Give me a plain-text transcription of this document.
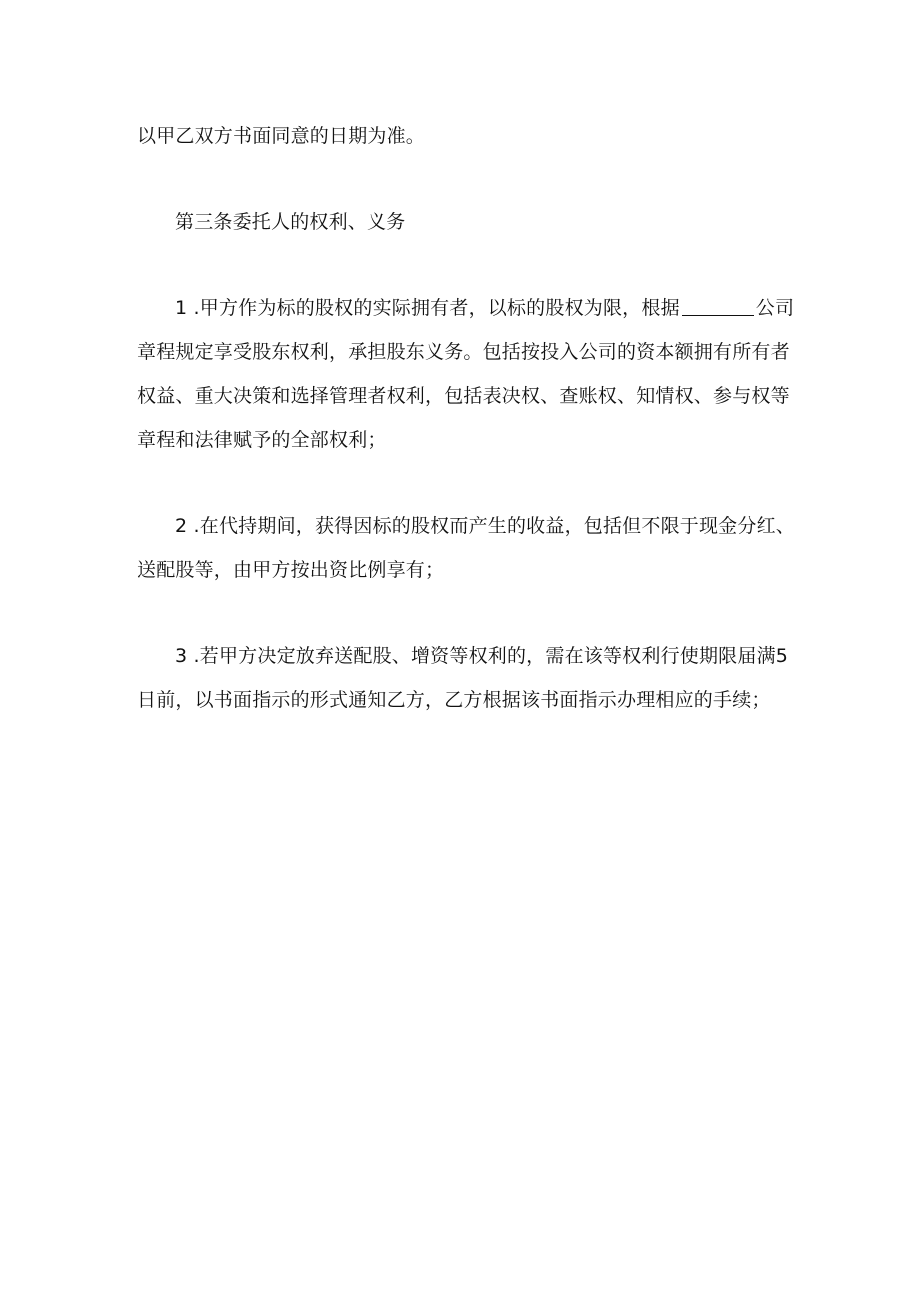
以甲乙双方书面同意的日期为准。

第三条委托人的权利、义务

1 .甲方作为标的股权的实际拥有者，以标的股权为限，根据	公司章程规定享受股东权利，承担股东义务。包括按投入公司的资本额拥有所有者权益、重大决策和选择管理者权利，包括表决权、查账权、知情权、参与权等章程和法律赋予的全部权利；

2 .在代持期间，获得因标的股权而产生的收益，包括但不限于现金分红、送配股等，由甲方按出资比例享有；

3 .若甲方决定放弃送配股、增资等权利的，需在该等权利行使期限届满5日前，以书面指示的形式通知乙方，乙方根据该书面指示办理相应的手续；
